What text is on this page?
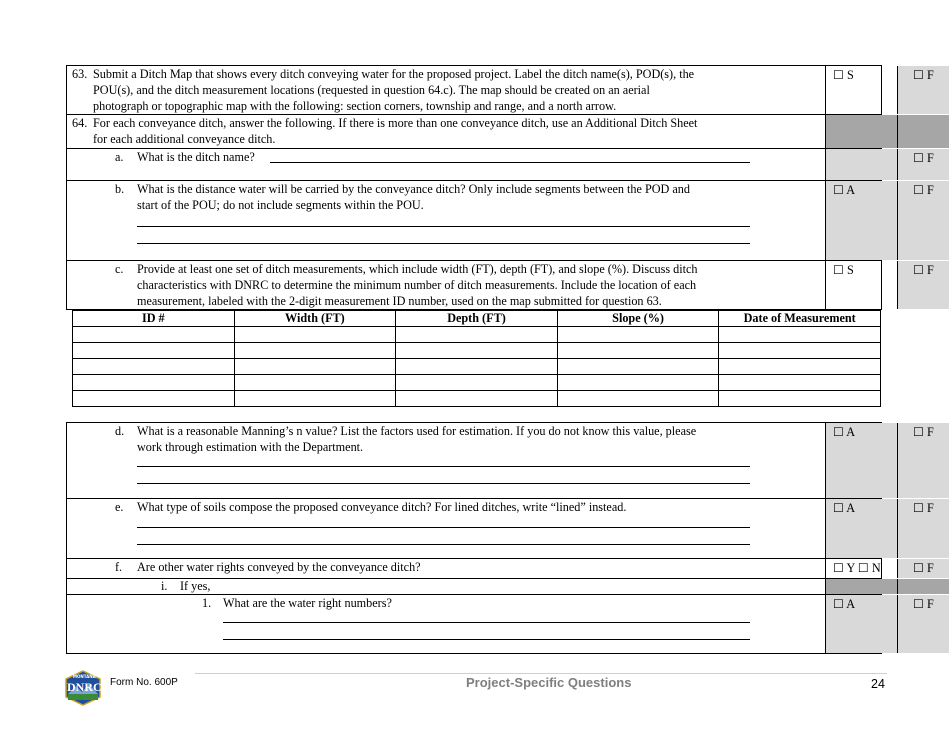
63. Submit a Ditch Map that shows every ditch conveying water for the proposed project. Label the ditch name(s), POD(s), the
POU(s), and the ditch measurement locations (requested in question 64.c). The map should be created on an aerial
photograph or topographic map with the following: section corners, township and range, and a north arrow.
☐ S	☐ F
64. For each conveyance ditch, answer the following. If there is more than one conveyance ditch, use an Additional Ditch Sheet
for each additional conveyance ditch.
a. What is the ditch name?	☐ F
b. What is the distance water will be carried by the conveyance ditch? Only include segments between the POD and
start of the POU; do not include segments within the POU.
☐ A	☐ F
c. Provide at least one set of ditch measurements, which include width (FT), depth (FT), and slope (%). Discuss ditch
characteristics with DNRC to determine the minimum number of ditch measurements. Include the location of each
measurement, labeled with the 2-digit measurement ID number, used on the map submitted for question 63.
☐ S	☐ F
ID #	Width (FT)	Depth (FT)	Slope (%)	Date of Measurement

d. What is a reasonable Manning’s n value? List the factors used for estimation. If you do not know this value, please
work through estimation with the Department.
☐ A	☐ F
e. What type of soils compose the proposed conveyance ditch? For lined ditches, write “lined” instead.	☐ A	☐ F
f. Are other water rights conveyed by the conveyance ditch?	☐ Y ☐ N	☐ F
i. If yes,
1. What are the water right numbers?	☐ A	☐ F
MONTANA
DNRC Form No. 600P	Project-Specific Questions	24
